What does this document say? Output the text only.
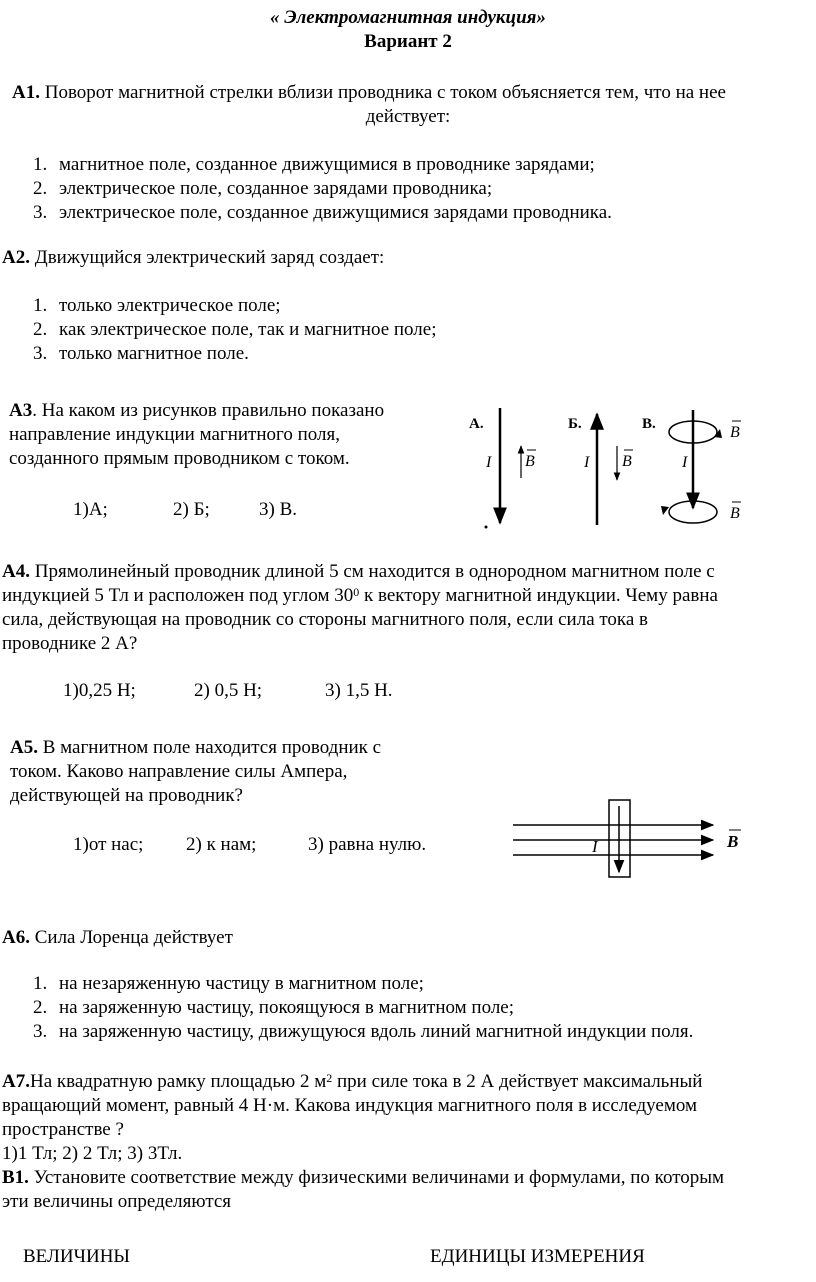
« Электромагнитная индукция»
Вариант 2
А1. Поворот магнитной стрелки вблизи проводника с током объясняется тем, что на нее
действует:
1. магнитное поле, созданное движущимися в проводнике зарядами;
2. электрическое поле, созданное зарядами проводника;
3. электрическое поле, созданное движущимися зарядами проводника.
А2. Движущийся электрический заряд создает:
1. только электрическое поле;
2. как электрическое поле, так и магнитное поле;
3. только магнитное поле.
А3. На каком из рисунков правильно показано
направление индукции магнитного поля,
созданного прямым проводником с током.
1)А;	2) Б;	3) В.
А.
I B
Б.
I B
В.
I
B
B
А4. Прямолинейный проводник длиной 5 см находится в однородном магнитном поле с
индукцией 5 Тл и расположен под углом $30^0$ к вектору магнитной индукции. Чему равна
сила, действующая на проводник со стороны магнитного поля, если сила тока в
проводнике 2 А?
1)0,25 Н;	2) 0,5 Н;	3) 1,5 Н.
А5. В магнитном поле находится проводник с
током. Каково направление силы Ампера,
действующей на проводник?
1)от нас; 2) к нам;	3) равна нулю.	I	B
А6. Сила Лоренца действует
1. на незаряженную частицу в магнитном поле;
2. на заряженную частицу, покоящуюся в магнитном поле;
3. на заряженную частицу, движущуюся вдоль линий магнитной индукции поля.
А7.На квадратную рамку площадью 2 $м^2$ при силе тока в 2 А действует максимальный
вращающий момент, равный 4 Н·м. Какова индукция магнитного поля в исследуемом
пространстве ?
1)1 Тл; 2) 2 Тл; 3) 3Тл.
В1. Установите соответствие между физическими величинами и формулами, по которым
эти величины определяются
ВЕЛИЧИНЫ	ЕДИНИЦЫ ИЗМЕРЕНИЯ
